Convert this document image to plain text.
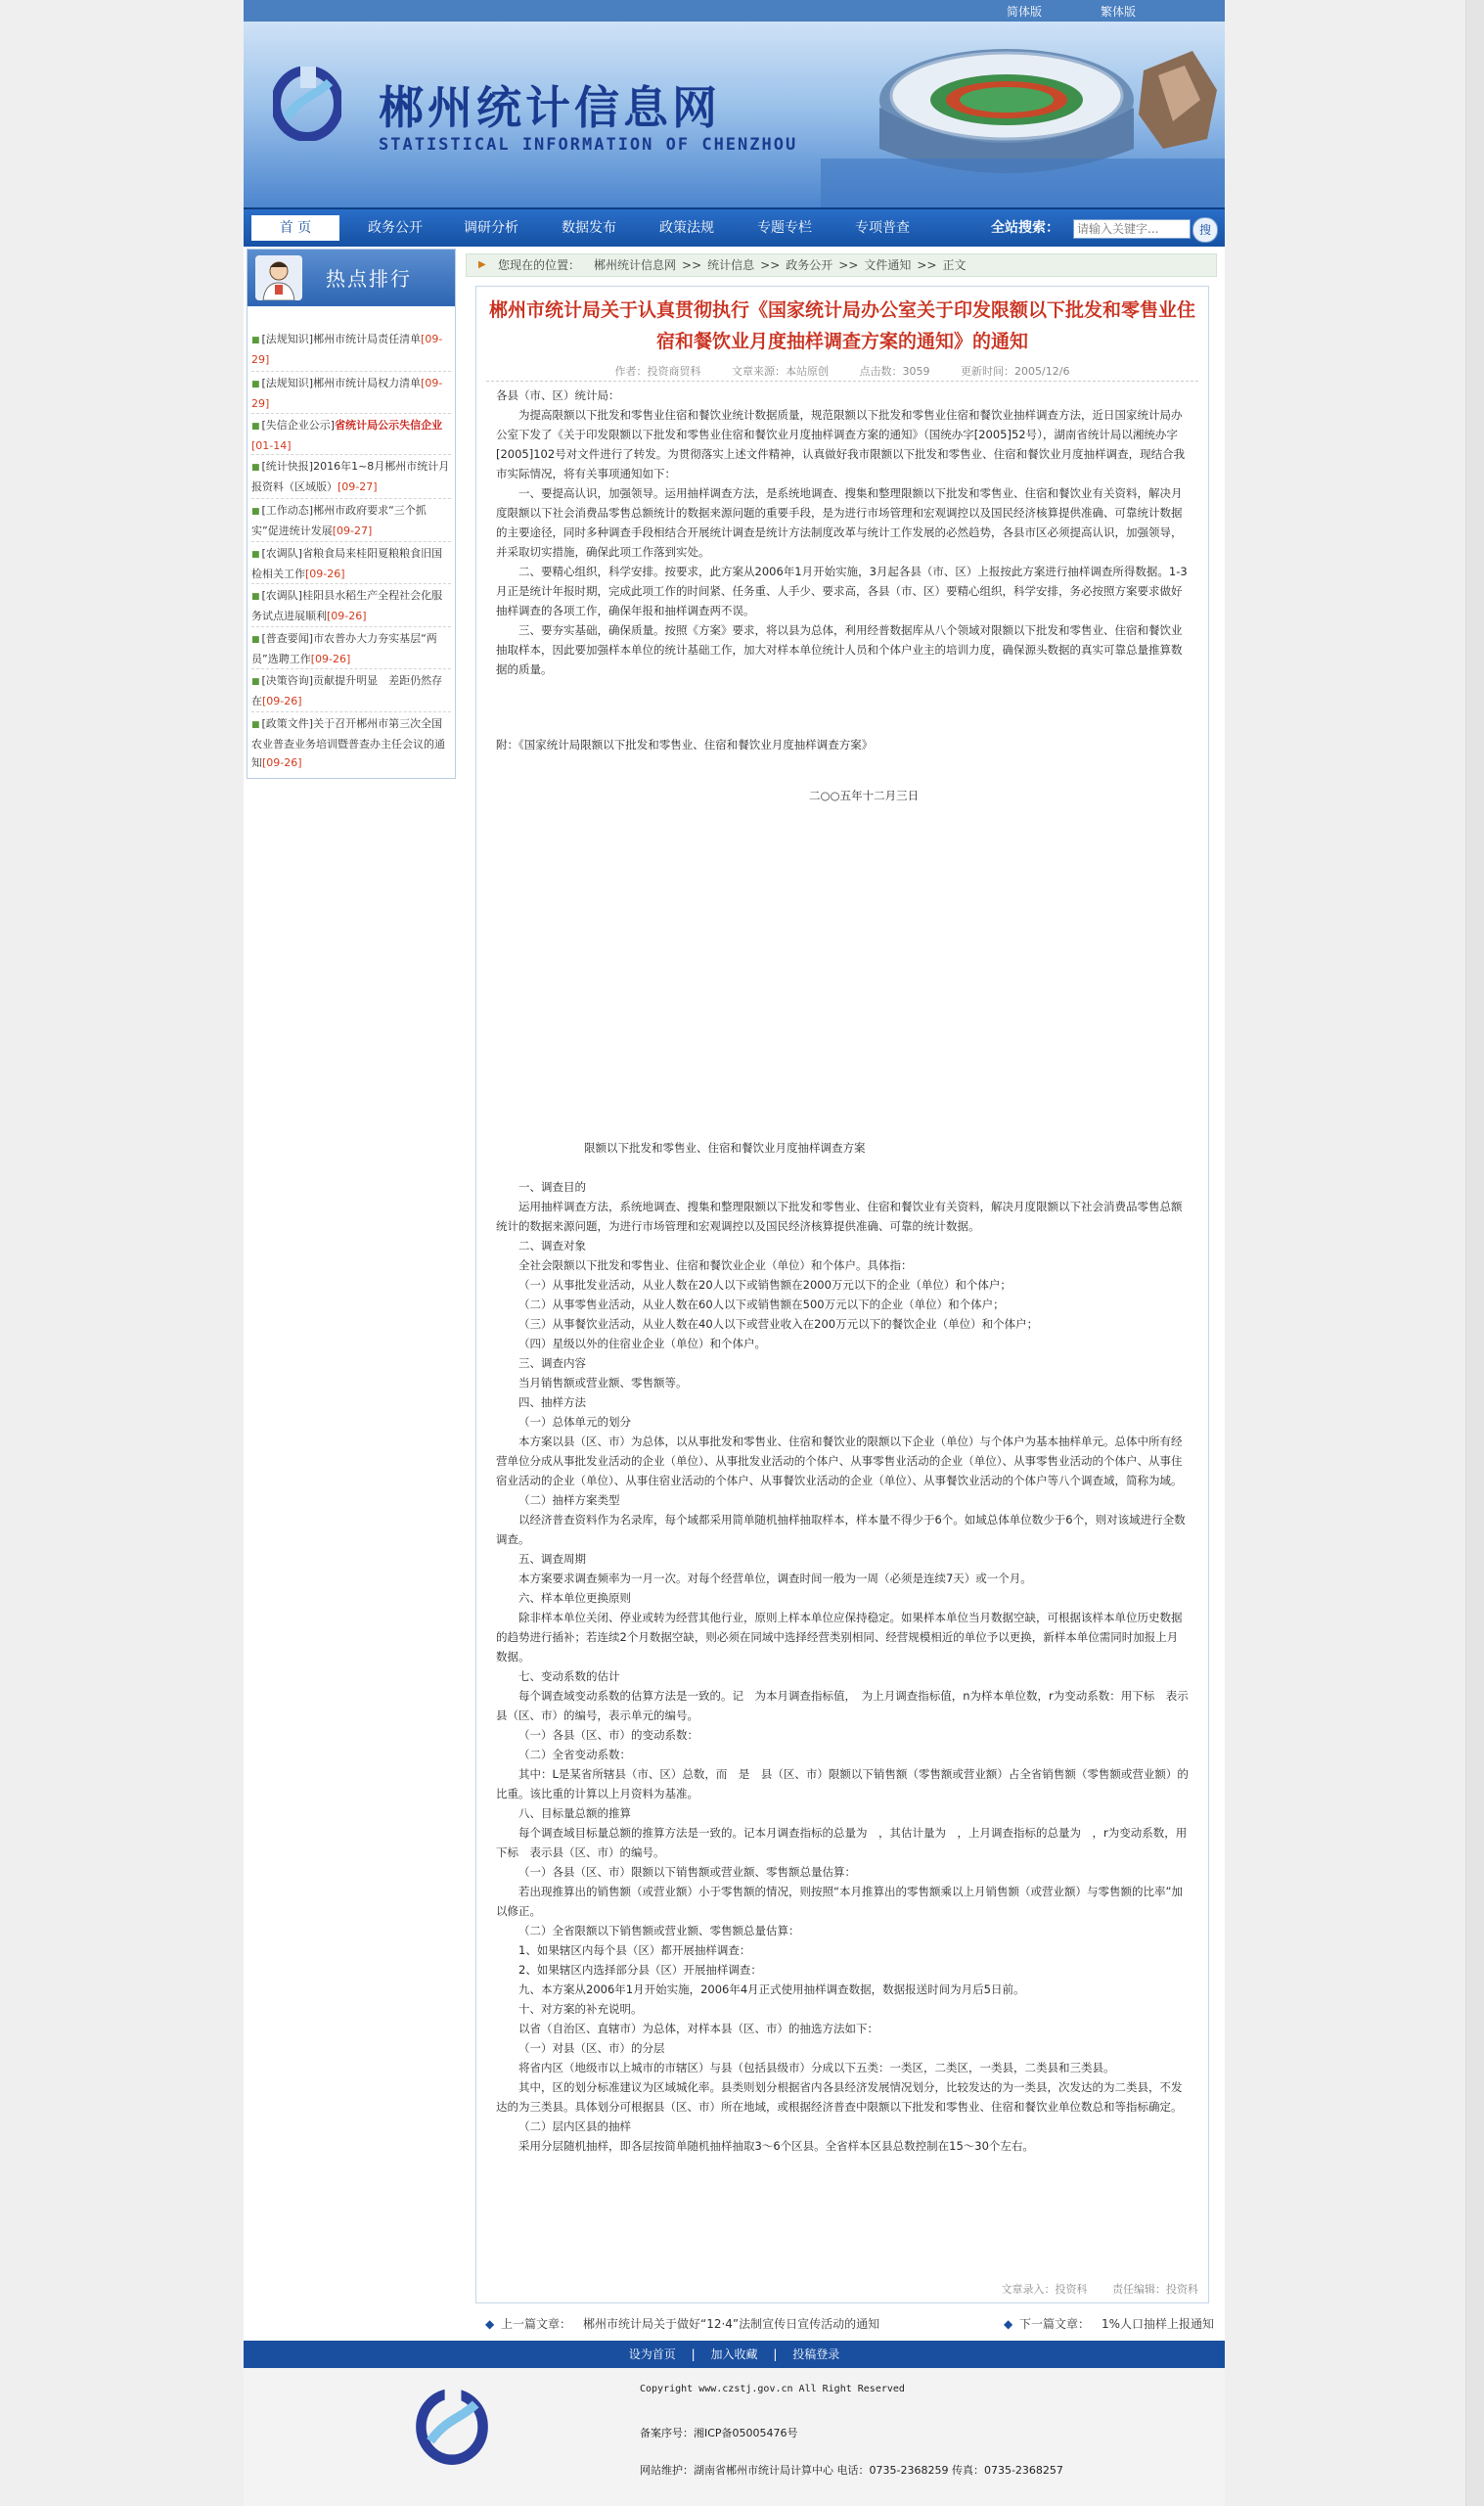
简体版	繁体版
郴州统计信息网
STATISTICAL INFORMATION OF CHENZHOU
首 页	政务公开	调研分析	数据发布	政策法规	专题专栏	专项普查	全站搜索：
请输入关键字...	搜
热点排行
■ [法规知识]郴州市统计局责任清单[09-29]
■ [法规知识]郴州市统计局权力清单[09-29]
■ [失信企业公示]省统计局公示失信企业[01-14]
■ [统计快报]2016年1~8月郴州市统计月报资料（区域版）[09-27]
■ [工作动态]郴州市政府要求“三个抓实”促进统计发展[09-27]
■ [农调队]省粮食局来桂阳夏粮粮食旧国检相关工作[09-26]
■ [农调队]桂阳县水稻生产全程社会化服务试点进展顺利[09-26]
■ [普查要闻]市农普办大力夯实基层“两员”选聘工作[09-26]
■ [决策咨询]贡献提升明显　差距仍然存在[09-26]
■ [政策文件]关于召开郴州市第三次全国农业普查业务培训暨普查办主任会议的通知[09-26]
▶ 您现在的位置： 郴州统计信息网 >> 统计信息 >> 政务公开 >> 文件通知 >> 正文
郴州市统计局关于认真贯彻执行《国家统计局办公室关于印发限额以下批发和零售业住宿和餐饮业月度抽样调查方案的通知》的通知
作者：投资商贸科	文章来源：本站原创	点击数：3059	更新时间：2005/12/6
各县（市、区）统计局：
为提高限额以下批发和零售业住宿和餐饮业统计数据质量，规范限额以下批发和零售业住宿和餐饮业抽样调查方法，近日国家统计局办公室下发了《关于印发限额以下批发和零售业住宿和餐饮业月度抽样调查方案的通知》（国统办字[2005]52号），湖南省统计局以湘统办字[2005]102号对文件进行了转发。为贯彻落实上述文件精神，认真做好我市限额以下批发和零售业、住宿和餐饮业月度抽样调查，现结合我市实际情况，将有关事项通知如下：
一、要提高认识，加强领导。运用抽样调查方法，是系统地调查、搜集和整理限额以下批发和零售业、住宿和餐饮业有关资料，解决月度限额以下社会消费品零售总额统计的数据来源问题的重要手段，是为进行市场管理和宏观调控以及国民经济核算提供准确、可靠统计数据的主要途径，同时多种调查手段相结合开展统计调查是统计方法制度改革与统计工作发展的必然趋势，各县市区必须提高认识，加强领导，并采取切实措施，确保此项工作落到实处。
二、要精心组织，科学安排。按要求，此方案从2006年1月开始实施，3月起各县（市、区）上报按此方案进行抽样调查所得数据。1-3月正是统计年报时期，完成此项工作的时间紧、任务重、人手少、要求高，各县（市、区）要精心组织，科学安排，务必按照方案要求做好抽样调查的各项工作，确保年报和抽样调查两不误。
三、要夯实基础，确保质量。按照《方案》要求，将以县为总体，利用经普数据库从八个领域对限额以下批发和零售业、住宿和餐饮业抽取样本，因此要加强样本单位的统计基础工作，加大对样本单位统计人员和个体户业主的培训力度，确保源头数据的真实可靠总量推算数据的质量。
附：《国家统计局限额以下批发和零售业、住宿和餐饮业月度抽样调查方案》
二○○五年十二月三日
限额以下批发和零售业、住宿和餐饮业月度抽样调查方案
一、调查目的
运用抽样调查方法，系统地调查、搜集和整理限额以下批发和零售业、住宿和餐饮业有关资料，解决月度限额以下社会消费品零售总额统计的数据来源问题，为进行市场管理和宏观调控以及国民经济核算提供准确、可靠的统计数据。
二、调查对象
全社会限额以下批发和零售业、住宿和餐饮业企业（单位）和个体户。具体指：
（一）从事批发业活动，从业人数在20人以下或销售额在2000万元以下的企业（单位）和个体户；
（二）从事零售业活动，从业人数在60人以下或销售额在500万元以下的企业（单位）和个体户；
（三）从事餐饮业活动，从业人数在40人以下或营业收入在200万元以下的餐饮企业（单位）和个体户；
（四）星级以外的住宿业企业（单位）和个体户。
三、调查内容
当月销售额或营业额、零售额等。
四、抽样方法
（一）总体单元的划分
本方案以县（区、市）为总体，以从事批发和零售业、住宿和餐饮业的限额以下企业（单位）与个体户为基本抽样单元。总体中所有经营单位分成从事批发业活动的企业（单位）、从事批发业活动的个体户、从事零售业活动的企业（单位）、从事零售业活动的个体户、从事住宿业活动的企业（单位）、从事住宿业活动的个体户、从事餐饮业活动的企业（单位）、从事餐饮业活动的个体户等八个调查域，简称为域。
（二）抽样方案类型
以经济普查资料作为名录库，每个域都采用简单随机抽样抽取样本，样本量不得少于6个。如域总体单位数少于6个，则对该域进行全数调查。
五、调查周期
本方案要求调查频率为一月一次。对每个经营单位，调查时间一般为一周（必须是连续7天）或一个月。
六、样本单位更换原则
除非样本单位关闭、停业或转为经营其他行业，原则上样本单位应保持稳定。如果样本单位当月数据空缺，可根据该样本单位历史数据的趋势进行插补；若连续2个月数据空缺，则必须在同域中选择经营类别相同、经营规模相近的单位予以更换，新样本单位需同时加报上月数据。
七、变动系数的估计
每个调查域变动系数的估算方法是一致的。记　为本月调查指标值，　为上月调查指标值，n为样本单位数，r为变动系数：用下标　表示县（区、市）的编号，表示单元的编号。
（一）各县（区、市）的变动系数：
（二）全省变动系数：
其中：L是某省所辖县（市、区）总数，而　是　县（区、市）限额以下销售额（零售额或营业额）占全省销售额（零售额或营业额）的比重。该比重的计算以上月资料为基准。
八、目标量总额的推算
每个调查域目标量总额的推算方法是一致的。记本月调查指标的总量为　，其估计量为　，上月调查指标的总量为　，r为变动系数，用下标　表示县（区、市）的编号。
（一）各县（区、市）限额以下销售额或营业额、零售额总量估算：
若出现推算出的销售额（或营业额）小于零售额的情况，则按照“本月推算出的零售额乘以上月销售额（或营业额）与零售额的比率”加以修正。
（二）全省限额以下销售额或营业额、零售额总量估算：
1、如果辖区内每个县（区）都开展抽样调查：
2、如果辖区内选择部分县（区）开展抽样调查：
九、本方案从2006年1月开始实施，2006年4月正式使用抽样调查数据，数据报送时间为月后5日前。
十、对方案的补充说明。
以省（自治区、直辖市）为总体，对样本县（区、市）的抽选方法如下：
（一）对县（区、市）的分层
将省内区（地级市以上城市的市辖区）与县（包括县级市）分成以下五类：一类区，二类区，一类县，二类县和三类县。
其中，区的划分标准建议为区域城化率。县类则划分根据省内各县经济发展情况划分，比较发达的为一类县，次发达的为二类县，不发达的为三类县。具体划分可根据县（区、市）所在地域，或根据经济普查中限额以下批发和零售业、住宿和餐饮业单位数总和等指标确定。
（二）层内区县的抽样
采用分层随机抽样，即各层按简单随机抽样抽取3～6个区县。全省样本区县总数控制在15～30个左右。
文章录入：投资科 责任编辑：投资科
◆ 上一篇文章： 郴州市统计局关于做好“12·4”法制宣传日宣传活动的通知	◆ 下一篇文章： 1%人口抽样上报通知
设为首页 | 加入收藏 | 投稿登录
Copyright www.czstj.gov.cn All Right Reserved
备案序号：湘ICP备05005476号
网站维护：湖南省郴州市统计局计算中心 电话：0735-2368259 传真：0735-2368257
